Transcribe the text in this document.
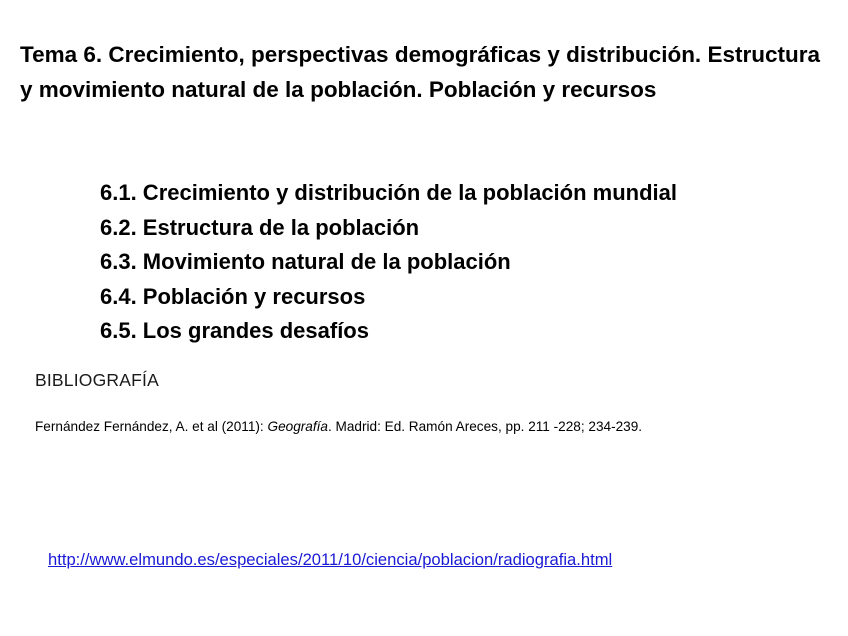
Tema 6. Crecimiento, perspectivas demográficas y distribución. Estructura y movimiento natural de la población. Población y recursos
6.1. Crecimiento y distribución de la población mundial
6.2. Estructura de la población
6.3. Movimiento natural de la población
6.4. Población y recursos
6.5. Los grandes desafíos
BIBLIOGRAFÍA

Fernández Fernández, A. et al (2011): Geografía. Madrid: Ed. Ramón Areces, pp. 211 -228; 234-239.

http://www.elmundo.es/especiales/2011/10/ciencia/poblacion/radiografia.html
